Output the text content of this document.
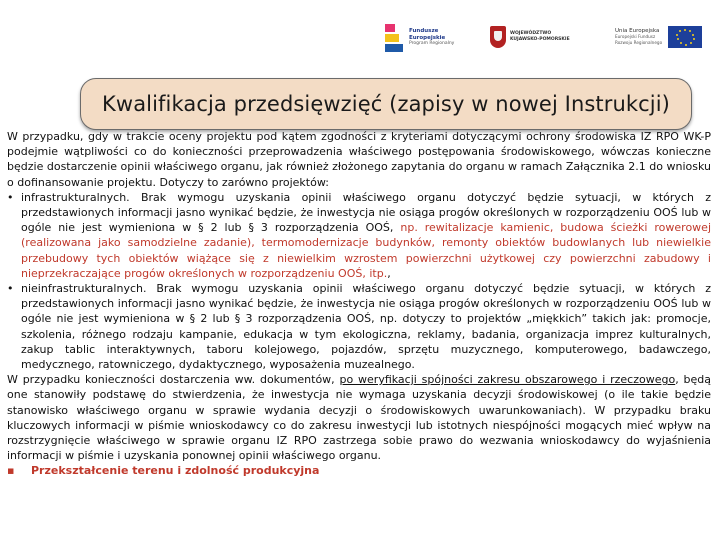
Fundusze
Europejskie
Program Regionalny
WOJEWÓDZTWO
KUJAWSKO-POMORSKIE
Unia Europejska
Europejski Fundusz
Rozwoju Regionalnego
Kwalifikacja przedsięwzięć (zapisy w nowej Instrukcji)

W przypadku, gdy w trakcie oceny projektu pod kątem zgodności z kryteriami dotyczącymi ochrony środowiska IZ RPO WK-P podejmie wątpliwości co do konieczności przeprowadzenia właściwego postępowania środowiskowego, wówczas konieczne będzie dostarczenie opinii właściwego organu, jak również złożonego zapytania do organu w ramach Załącznika 2.1 do wniosku o dofinansowanie projektu. Dotyczy to zarówno projektów:

• infrastrukturalnych. Brak wymogu uzyskania opinii właściwego organu dotyczyć będzie sytuacji, w których z przedstawionych informacji jasno wynikać będzie, że inwestycja nie osiąga progów określonych w rozporządzeniu OOŚ lub w ogóle nie jest wymieniona w § 2 lub § 3 rozporządzenia OOŚ, np. rewitalizacje kamienic, budowa ścieżki rowerowej (realizowana jako samodzielne zadanie), termomodernizacje budynków, remonty obiektów budowlanych lub niewielkie przebudowy tych obiektów wiążące się z niewielkim wzrostem powierzchni użytkowej czy powierzchni zabudowy i nieprzekraczające progów określonych w rozporządzeniu OOŚ, itp.,
• nieinfrastrukturalnych. Brak wymogu uzyskania opinii właściwego organu dotyczyć będzie sytuacji, w których z przedstawionych informacji jasno wynikać będzie, że inwestycja nie osiąga progów określonych w rozporządzeniu OOŚ lub w ogóle nie jest wymieniona w § 2 lub § 3 rozporządzenia OOŚ, np. dotyczy to projektów „miękkich” takich jak: promocje, szkolenia, różnego rodzaju kampanie, edukacja w tym ekologiczna, reklamy, badania, organizacja imprez kulturalnych, zakup tablic interaktywnych, taboru kolejowego, pojazdów, sprzętu muzycznego, komputerowego, badawczego, medycznego, ratowniczego, dydaktycznego, wyposażenia muzealnego.

W przypadku konieczności dostarczenia ww. dokumentów, po weryfikacji spójności zakresu obszarowego i rzeczowego, będą one stanowiły podstawę do stwierdzenia, że inwestycja nie wymaga uzyskania decyzji środowiskowej (o ile takie będzie stanowisko właściwego organu w sprawie wydania decyzji o środowiskowych uwarunkowaniach). W przypadku braku kluczowych informacji w piśmie wnioskodawcy co do zakresu inwestycji lub istotnych niespójności mogących mieć wpływ na rozstrzygnięcie właściwego w sprawie organu IZ RPO zastrzega sobie prawo do wezwania wnioskodawcy do wyjaśnienia informacji w piśmie i uzyskania ponownej opinii właściwego organu.

▪	Przekształcenie terenu i zdolność produkcyjna
